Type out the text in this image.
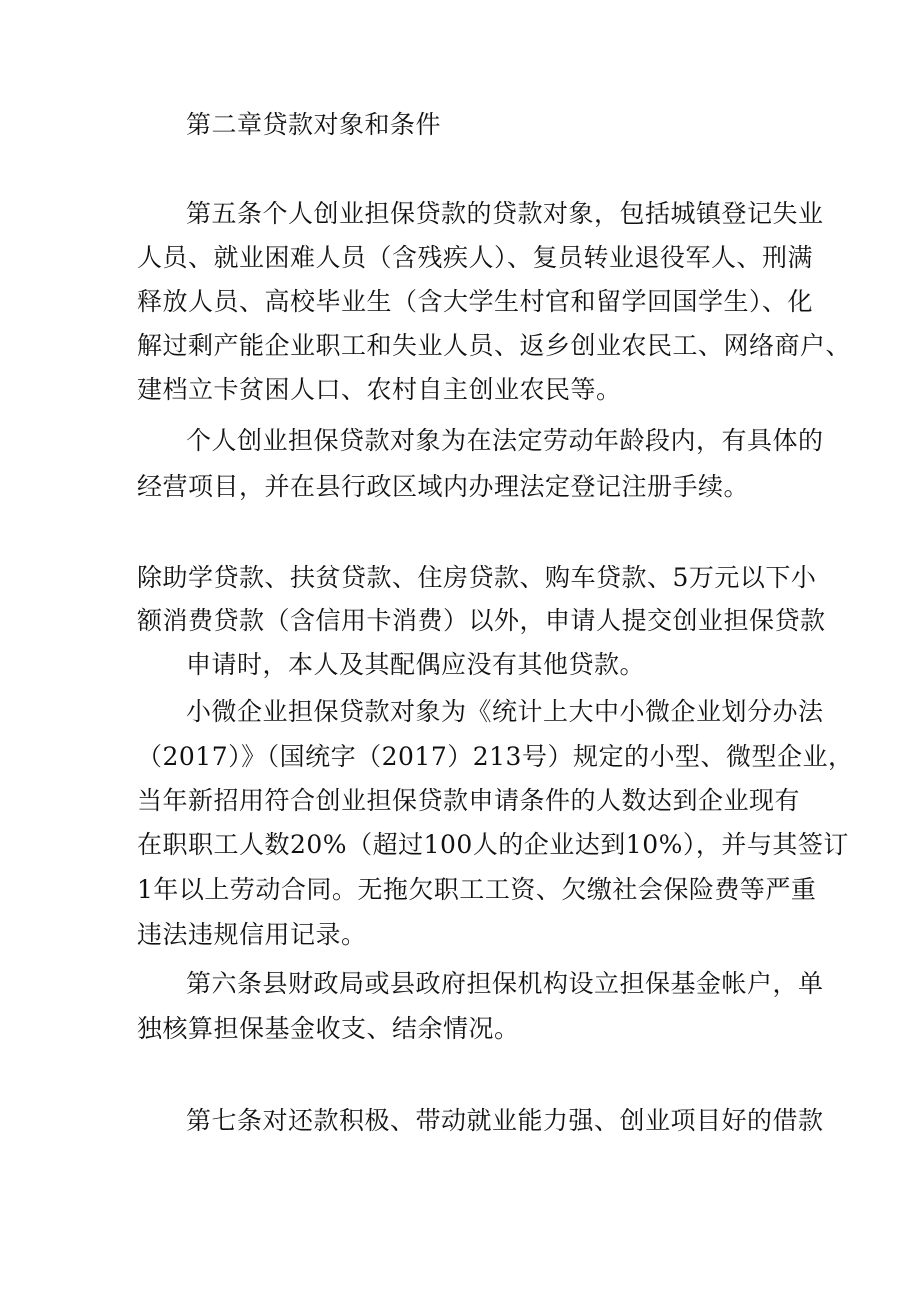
第二章贷款对象和条件
第五条个人创业担保贷款的贷款对象，包括城镇登记失业
人员、就业困难人员（含残疾人）、复员转业退役军人、刑满
释放人员、高校毕业生（含大学生村官和留学回国学生）、化
解过剩产能企业职工和失业人员、返乡创业农民工、网络商户、
建档立卡贫困人口、农村自主创业农民等。
个人创业担保贷款对象为在法定劳动年龄段内，有具体的
经营项目，并在县行政区域内办理法定登记注册手续。
除助学贷款、扶贫贷款、住房贷款、购车贷款、5万元以下小
额消费贷款（含信用卡消费）以外，申请人提交创业担保贷款
申请时，本人及其配偶应没有其他贷款。
小微企业担保贷款对象为《统计上大中小微企业划分办法
（2017）》（国统字（2017）213号）规定的小型、微型企业，
当年新招用符合创业担保贷款申请条件的人数达到企业现有
在职职工人数20%（超过100人的企业达到10%），并与其签订
1年以上劳动合同。无拖欠职工工资、欠缴社会保险费等严重
违法违规信用记录。
第六条县财政局或县政府担保机构设立担保基金帐户，单
独核算担保基金收支、结余情况。
第七条对还款积极、带动就业能力强、创业项目好的借款
